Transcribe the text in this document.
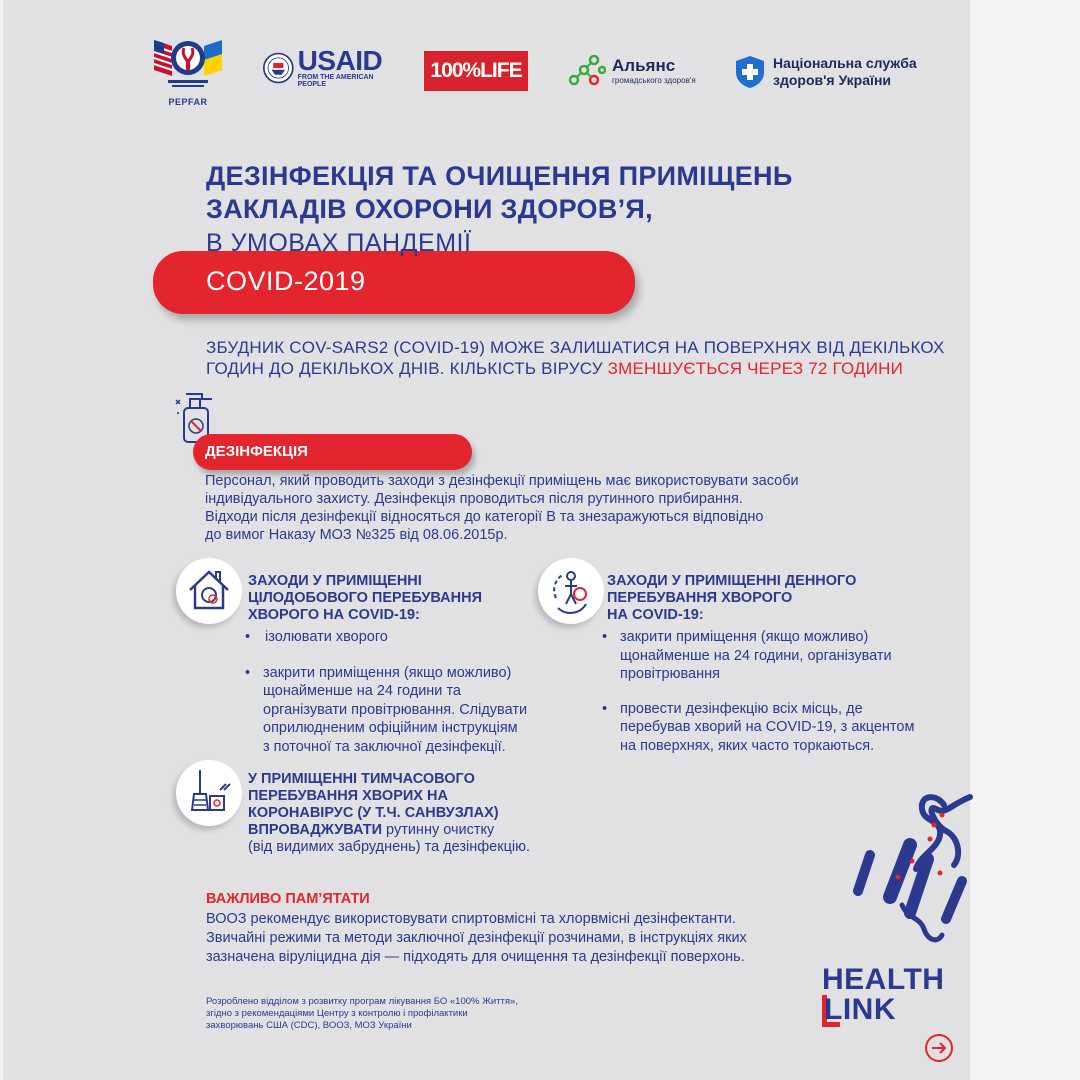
PEPFAR
USAID
FROM THE AMERICAN PEOPLE
100%LIFE	Альянс
громадського здоров'я
Національна служба
здоров'я України
ДЕЗІНФЕКЦІЯ ТА ОЧИЩЕННЯ ПРИМІЩЕНЬ
ЗАКЛАДІВ ОХОРОНИ ЗДОРОВ’Я,
В УМОВАХ ПАНДЕМІЇ
COVID-2019
ЗБУДНИК COV-SARS2 (COVID-19) МОЖЕ ЗАЛИШАТИСЯ НА ПОВЕРХНЯХ ВІД ДЕКІЛЬКОХ
ГОДИН ДО ДЕКІЛЬКОХ ДНІВ. КІЛЬКІСТЬ ВІРУСУ ЗМЕНШУЄТЬСЯ ЧЕРЕЗ 72 ГОДИНИ
ДЕЗІНФЕКЦІЯ
Персонал, який проводить заходи з дезінфекції приміщень має використовувати засоби
індивідуального захисту. Дезінфекція проводиться після рутинного прибирання.
Відходи після дезінфекції відносяться до категорії В та знезаражуються відповідно
до вимог Наказу МОЗ №325 від 08.06.2015р.
ЗАХОДИ У ПРИМІЩЕННІ
ЦІЛОДОБОВОГО ПЕРЕБУВАННЯ
ХВОРОГО НА COVID-19:
• ізолювати хворого
• закрити приміщення (якщо можливо)
щонайменше на 24 години та
організувати провітрювання. Слідувати
оприлюдненим офіційним інструкціям
з поточної та заключної дезінфекції.
ЗАХОДИ У ПРИМІЩЕННІ ДЕННОГО
ПЕРЕБУВАННЯ ХВОРОГО
НА COVID-19:
• закрити приміщення (якщо можливо)
щонайменше на 24 години, організувати
провітрювання
• провести дезінфекцію всіх місць, де
перебував хворий на COVID-19, з акцентом
на поверхнях, яких часто торкаються.
У ПРИМІЩЕННІ ТИМЧАСОВОГО
ПЕРЕБУВАННЯ ХВОРИХ НА
КОРОНАВІРУС (У Т.Ч. САНВУЗЛАХ)
ВПРОВАДЖУВАТИ рутинну очистку
(від видимих забруднень) та дезінфекцію.
ВАЖЛИВО ПАМ’ЯТАТИ
ВООЗ рекомендує використовувати спиртовмісні та хлорвмісні дезінфектанти.
Звичайні режими та методи заключної дезінфекції розчинами, в інструкціях яких
зазначена віруліцидна дія — підходять для очищення та дезінфекції поверхонь.
Розроблено відділом з розвитку програм лікування БО «100% Життя»,
згідно з рекомендаціями Центру з контролю і профілактики
захворювань США (CDC), ВООЗ, МОЗ України
HEALTH
LINK
